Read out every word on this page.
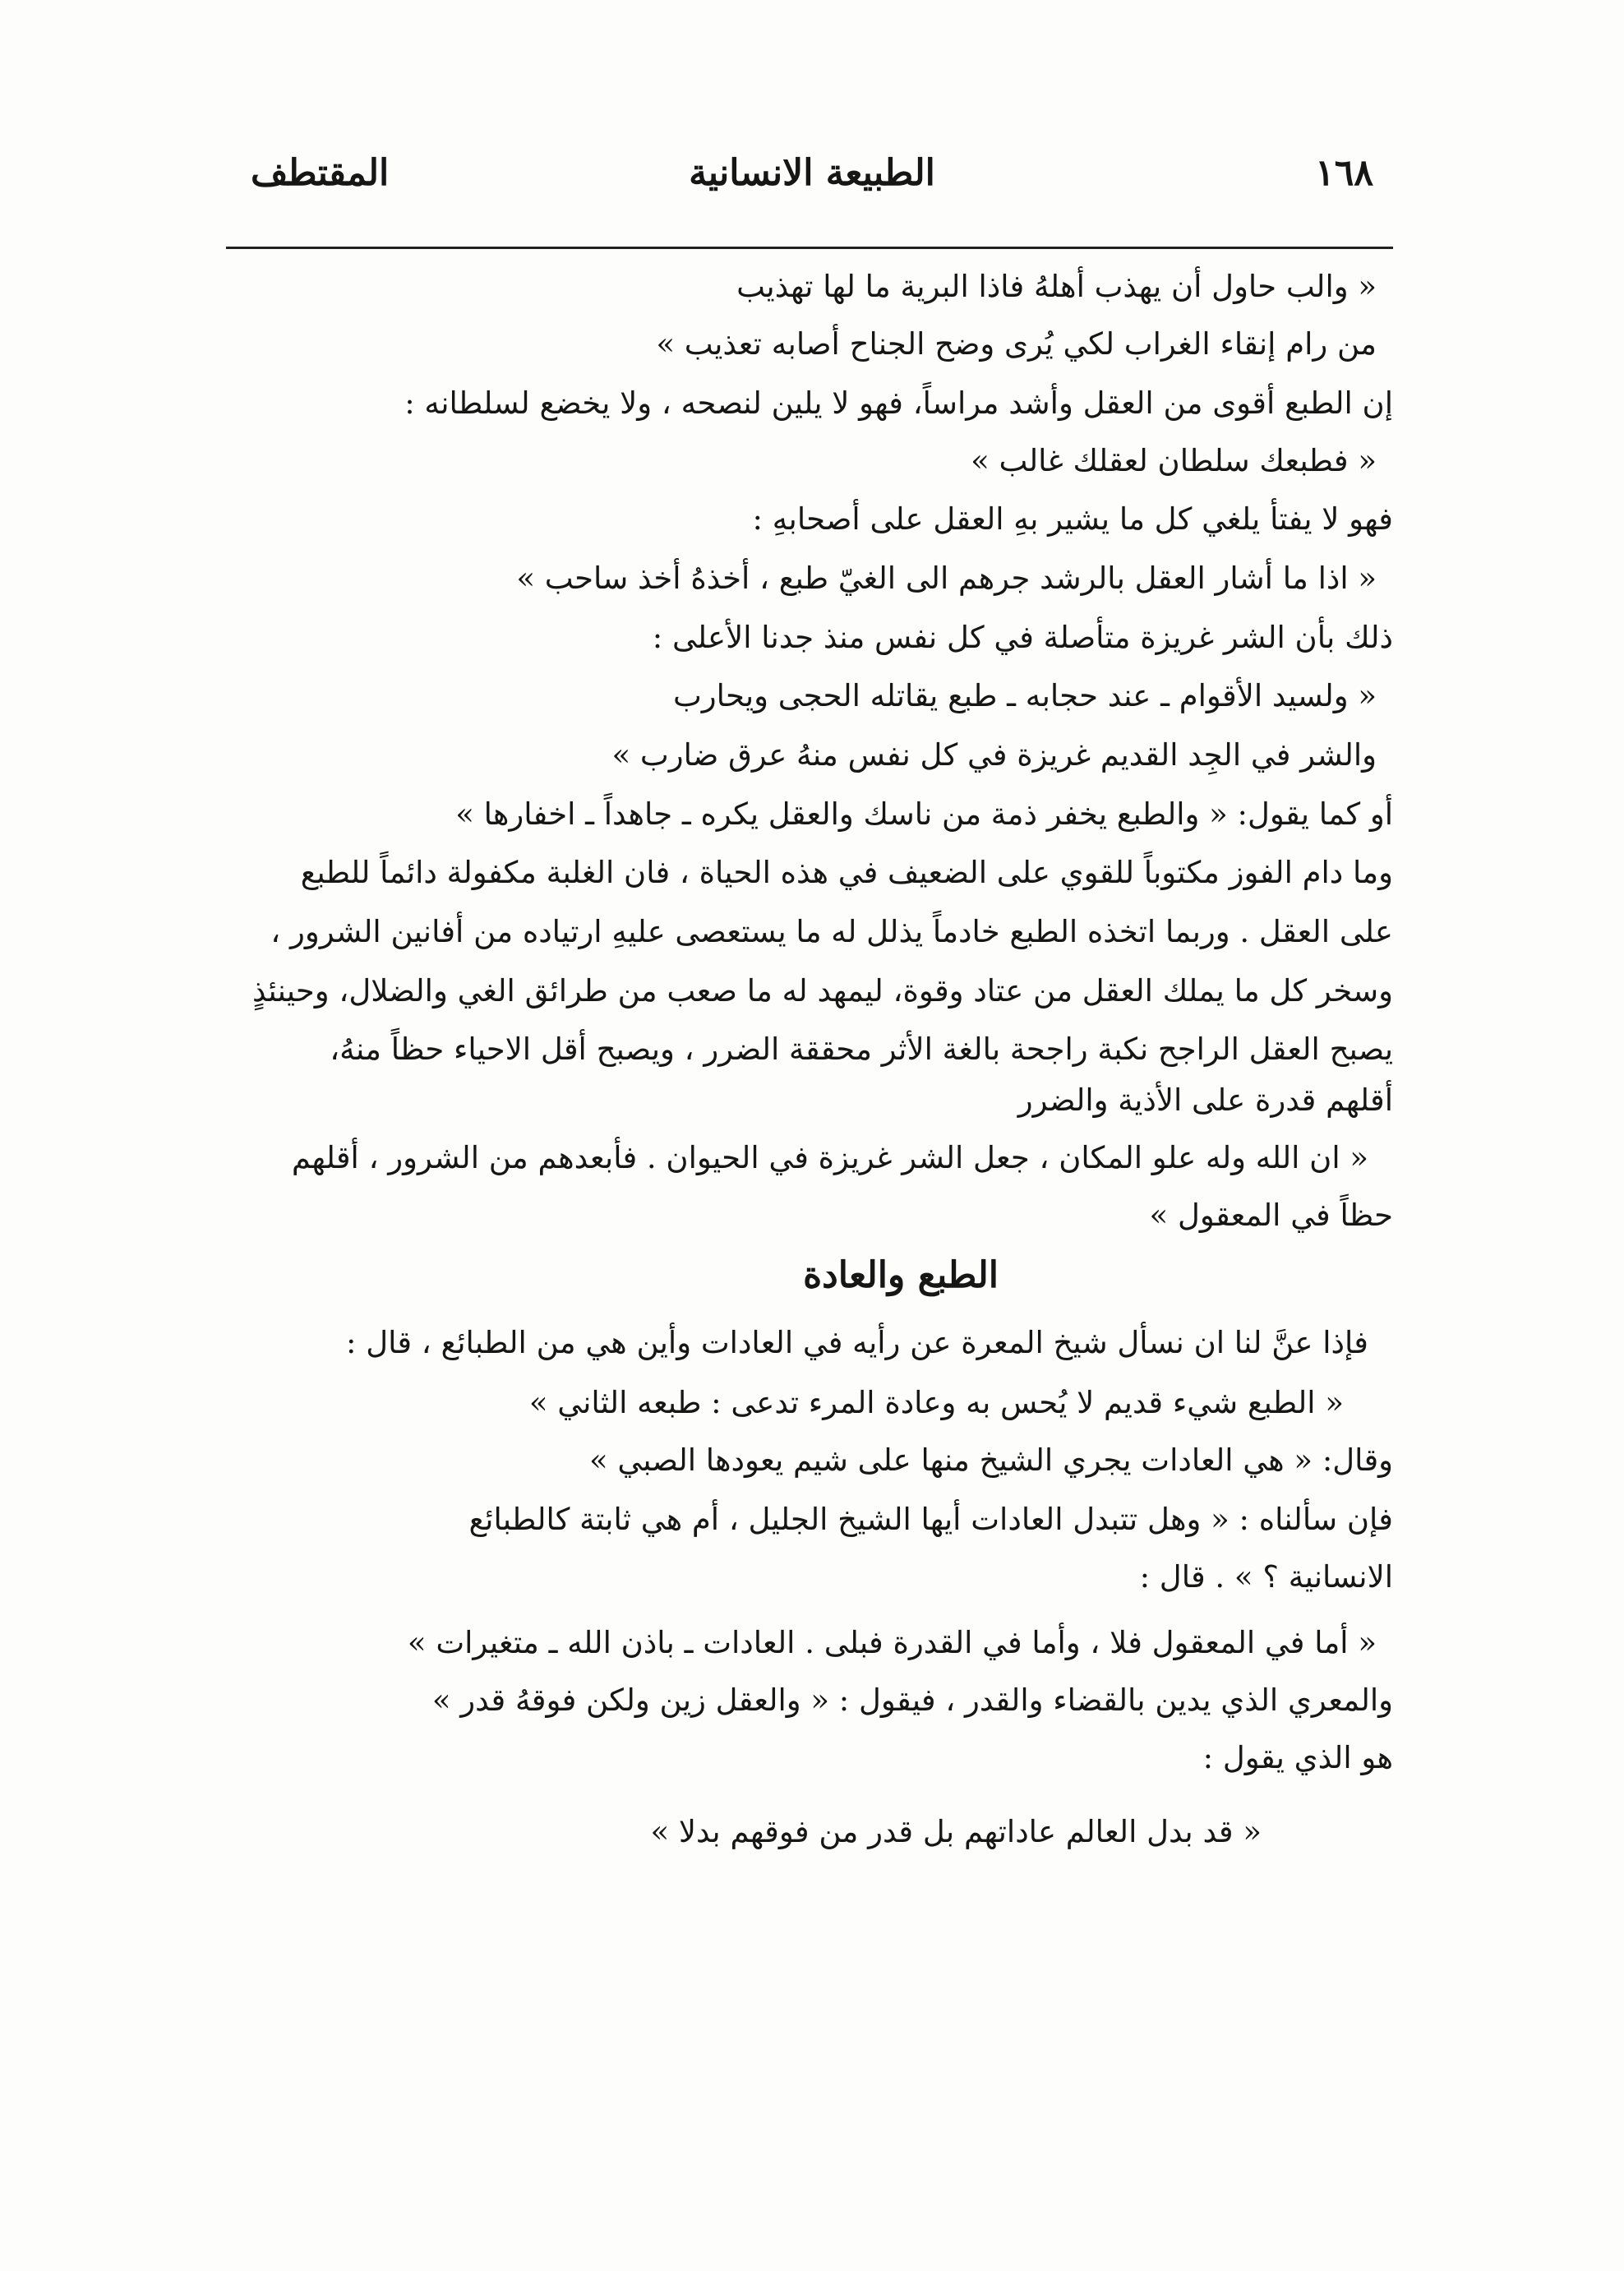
١٦٨
الطبيعة الانسانية
المقتطف
« والب حاول أن يهذب أهلهُ فاذا البرية ما لها تهذيب
من رام إنقاء الغراب لكي يُرى وضح الجناح أصابه تعذيب »
إن الطبع أقوى من العقل وأشد مراساً، فهو لا يلين لنصحه ، ولا يخضع لسلطانه :
« فطبعك سلطان لعقلك غالب »
فهو لا يفتأ يلغي كل ما يشير بهِ العقل على أصحابهِ :
« اذا ما أشار العقل بالرشد جرهم الى الغيّ طبع ، أخذهُ أخذ ساحب »
ذلك بأن الشر غريزة متأصلة في كل نفس منذ جدنا الأعلى :
« ولسيد الأقوام ـ عند حجابه ـ طبع يقاتله الحجى ويحارب
والشر في الجِد القديم غريزة في كل نفس منهُ عرق ضارب »
أو كما يقول: « والطبع يخفر ذمة من ناسك والعقل يكره ـ جاهداً ـ اخفارها »
وما دام الفوز مكتوباً للقوي على الضعيف في هذه الحياة ، فان الغلبة مكفولة دائماً للطبع
على العقل . وربما اتخذه الطبع خادماً يذلل له ما يستعصى عليهِ ارتياده من أفانين الشرور ،
وسخر كل ما يملك العقل من عتاد وقوة، ليمهد له ما صعب من طرائق الغي والضلال، وحينئذٍ
يصبح العقل الراجح نكبة راجحة بالغة الأثر محققة الضرر ، ويصبح أقل الاحياء حظاً منهُ،
أقلهم قدرة على الأذية والضرر
« ان الله وله علو المكان ، جعل الشر غريزة في الحيوان . فأبعدهم من الشرور ، أقلهم
حظاً في المعقول »
الطبع والعادة
فإذا عنَّ لنا ان نسأل شيخ المعرة عن رأيه في العادات وأين هي من الطبائع ، قال :
« الطبع شيء قديم لا يُحس به وعادة المرء تدعى : طبعه الثاني »
وقال: « هي العادات يجري الشيخ منها على شيم يعودها الصبي »
فإن سألناه : « وهل تتبدل العادات أيها الشيخ الجليل ، أم هي ثابتة كالطبائع
الانسانية ؟ » . قال :
« أما في المعقول فلا ، وأما في القدرة فبلى . العادات ـ باذن الله ـ متغيرات »
والمعري الذي يدين بالقضاء والقدر ، فيقول : « والعقل زين ولكن فوقهُ قدر »
هو الذي يقول :
« قد بدل العالم عاداتهم بل قدر من فوقهم بدلا »
